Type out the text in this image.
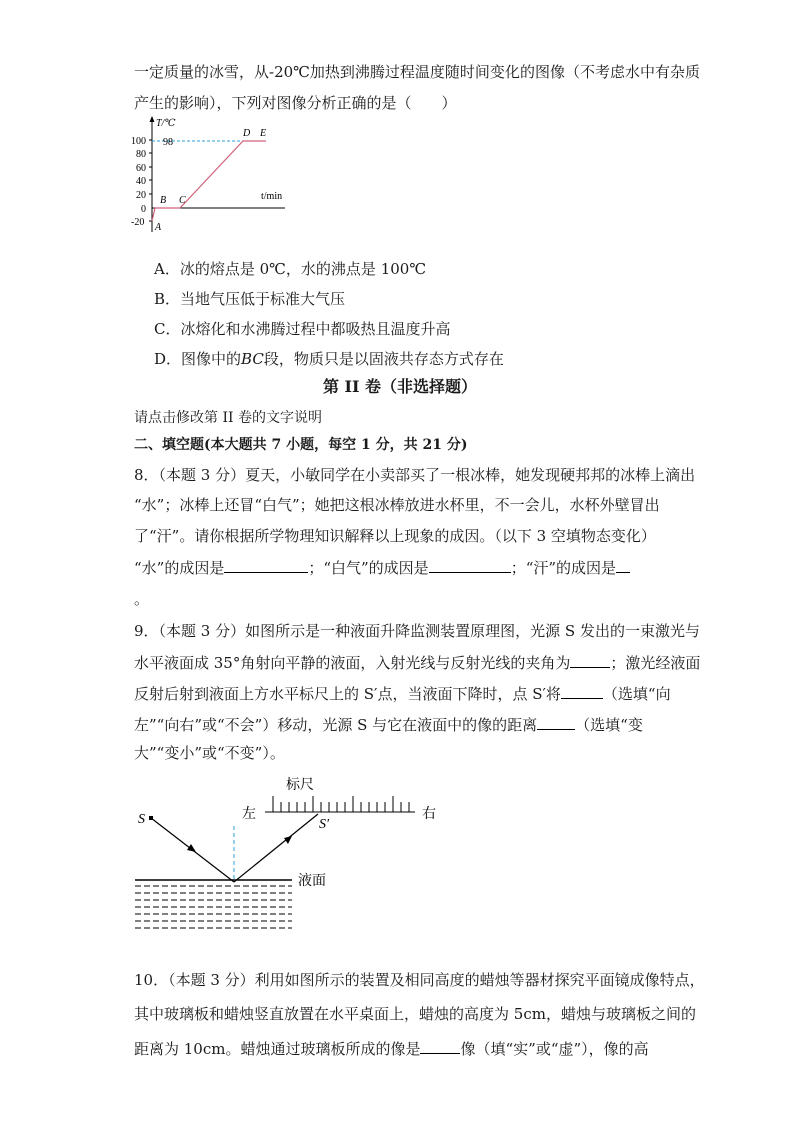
一定质量的冰雪，从-20℃加热到沸腾过程温度随时间变化的图像（不考虑水中有杂质
产生的影响），下列对图像分析正确的是（　　）
T/℃
t/min
100
80
60
40
20
0
-20
98
A
B C
D E
A．冰的熔点是 0℃，水的沸点是 100℃
B．当地气压低于标准大气压
C．冰熔化和水沸腾过程中都吸热且温度升高
D．图像中的BC段，物质只是以固液共存态方式存在
第 II 卷（非选择题）
请点击修改第 II 卷的文字说明
二、填空题(本大题共 7 小题，每空 1 分，共 21 分)
8．（本题 3 分）夏天，小敏同学在小卖部买了一根冰棒，她发现硬邦邦的冰棒上滴出
“水”；冰棒上还冒“白气”；她把这根冰棒放进水杯里，不一会儿，水杯外壁冒出
了“汗”。请你根据所学物理知识解释以上现象的成因。（以下 3 空填物态变化）
“水”的成因是	；“白气”的成因是	；“汗”的成因是
。
9．（本题 3 分）如图所示是一种液面升降监测装置原理图，光源 S 发出的一束激光与
水平液面成 35°角射向平静的液面，入射光线与反射光线的夹角为	；激光经液面
反射后射到液面上方水平标尺上的 S′点，当液面下降时，点 S′将	（选填“向
左”“向右”或“不会”）移动，光源 S 与它在液面中的像的距离	（选填“变
大”“变小”或“不变”）。
标尺
左	右
S	S′
液面
10．（本题 3 分）利用如图所示的装置及相同高度的蜡烛等器材探究平面镜成像特点，
其中玻璃板和蜡烛竖直放置在水平桌面上，蜡烛的高度为 5cm，蜡烛与玻璃板之间的
距离为 10cm。蜡烛通过玻璃板所成的像是	像（填“实”或“虚”），像的高
